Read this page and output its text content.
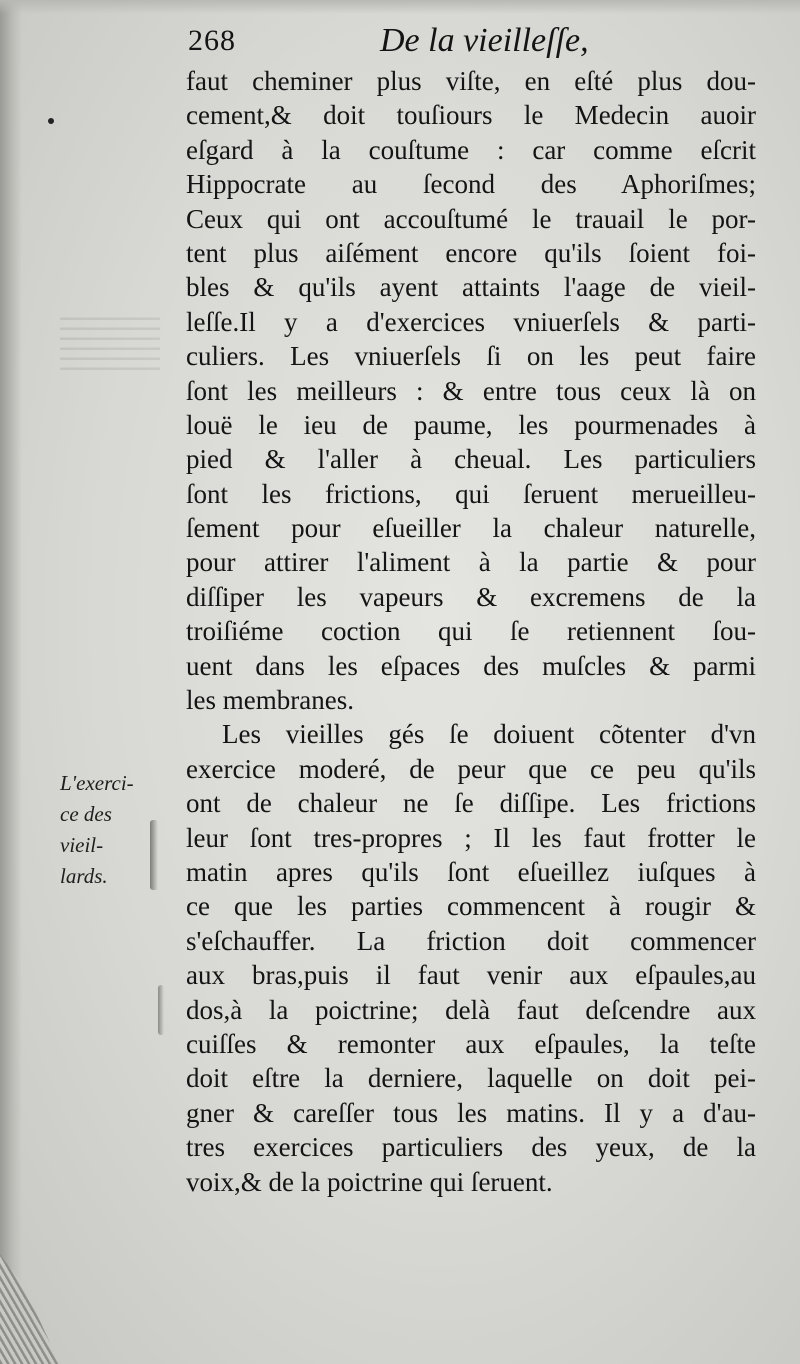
268	De la vieilleſſe,
faut cheminer plus viſte, en eſté plus dou-
cement,& doit touſiours le Medecin auoir
eſgard à la couſtume : car comme eſcrit
Hippocrate au ſecond des Aphoriſmes;
Ceux qui ont accouſtumé le trauail le por-
tent plus aiſément encore qu'ils ſoient foi-
bles & qu'ils ayent attaints l'aage de vieil-
leſſe.Il y a d'exercices vniuerſels & parti-
culiers. Les vniuerſels ſi on les peut faire
ſont les meilleurs : & entre tous ceux là on
louë le ieu de paume, les pourmenades à
pied & l'aller à cheual. Les particuliers
ſont les frictions, qui ſeruent merueilleu-
ſement pour eſueiller la chaleur naturelle,
pour attirer l'aliment à la partie & pour
diſſiper les vapeurs & excremens de la
troiſiéme coction qui ſe retiennent ſou-
uent dans les eſpaces des muſcles & parmi
les membranes.
Les vieilles gés ſe doiuent cõtenter d'vn
exercice moderé, de peur que ce peu qu'ils
ont de chaleur ne ſe diſſipe. Les frictions
leur ſont tres-propres ; Il les faut frotter le
matin apres qu'ils ſont eſueillez iuſques à
ce que les parties commencent à rougir &
s'eſchauffer. La friction doit commencer
aux bras,puis il faut venir aux eſpaules,au
dos,à la poictrine; delà faut deſcendre aux
cuiſſes & remonter aux eſpaules, la teſte
doit eſtre la derniere, laquelle on doit pei-
gner & careſſer tous les matins. Il y a d'au-
tres exercices particuliers des yeux, de la
voix,& de la poictrine qui ſeruent.
L'exerci-
ce des
vieil-
lards.
